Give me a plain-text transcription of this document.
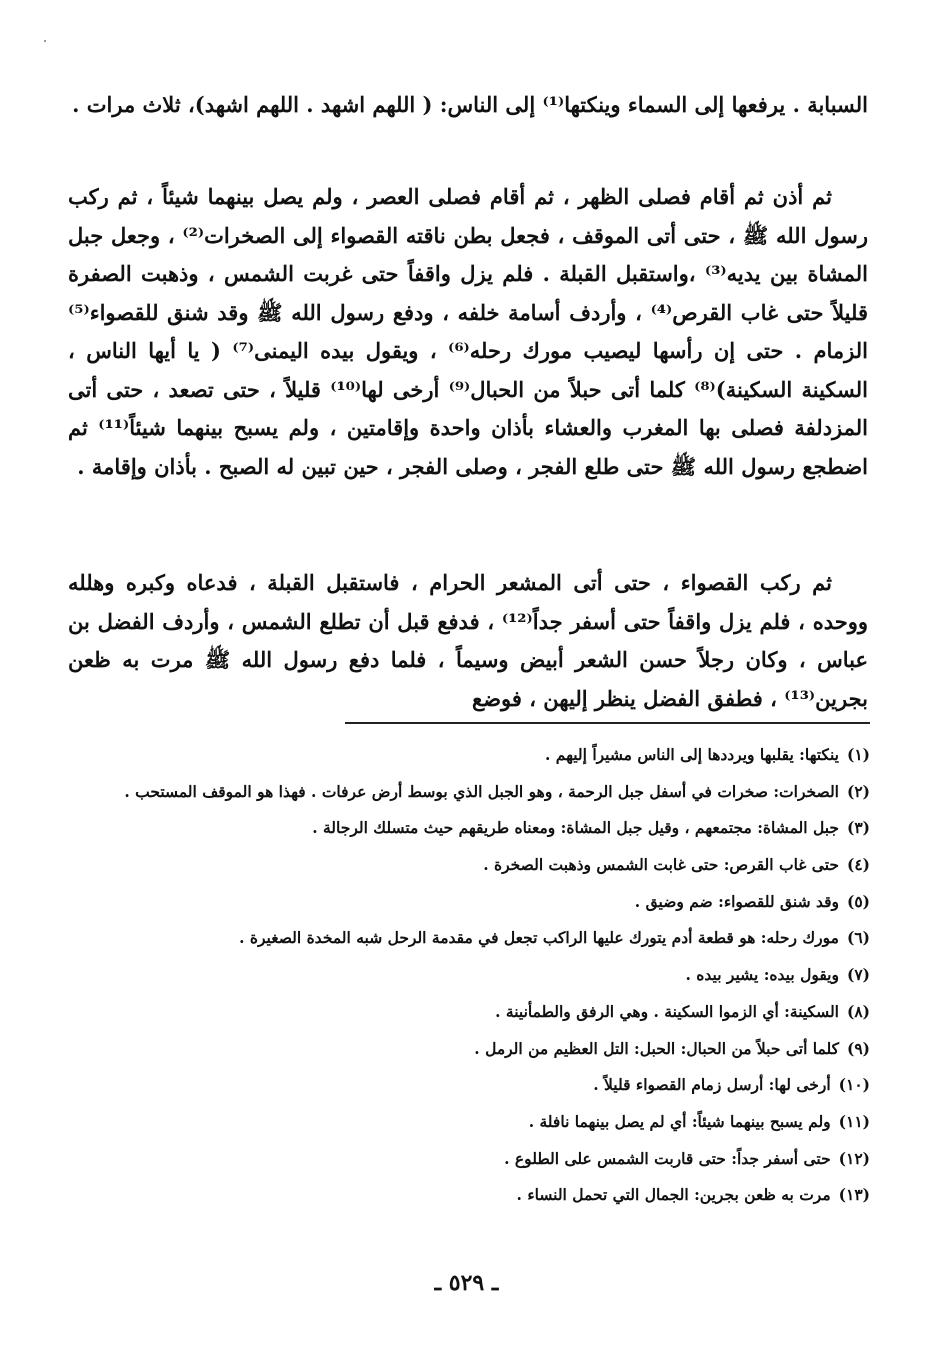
السبابة . يرفعها إلى السماء وينكتها⁽¹⁾ إلى الناس: ( اللهم اشهد . اللهم اشهد)، ثلاث مرات .

ثم أذن ثم أقام فصلى الظهر ، ثم أقام فصلى العصر ، ولم يصل بينهما شيئاً ، ثم ركب رسول الله ﷺ ، حتى أتى الموقف ، فجعل بطن ناقته القصواء إلى الصخرات⁽²⁾ ، وجعل جبل المشاة بين يديه⁽³⁾ ،واستقبل القبلة . فلم يزل واقفاً حتى غربت الشمس ، وذهبت الصفرة قليلاً حتى غاب القرص⁽⁴⁾ ، وأردف أسامة خلفه ، ودفع رسول الله ﷺ وقد شنق للقصواء⁽⁵⁾ الزمام . حتى إن رأسها ليصيب مورك رحله⁽⁶⁾ ، ويقول بيده اليمنى⁽⁷⁾ ( يا أيها الناس ، السكينة السكينة)⁽⁸⁾ كلما أتى حبلاً من الحبال⁽⁹⁾ أرخى لها⁽¹⁰⁾ قليلاً ، حتى تصعد ، حتى أتى المزدلفة فصلى بها المغرب والعشاء بأذان واحدة وإقامتين ، ولم يسبح بينهما شيئاً⁽¹¹⁾ ثم اضطجع رسول الله ﷺ حتى طلع الفجر ، وصلى الفجر ، حين تبين له الصبح . بأذان وإقامة .

ثم ركب القصواء ، حتى أتى المشعر الحرام ، فاستقبل القبلة ، فدعاه وكبره وهلله ووحده ، فلم يزل واقفاً حتى أسفر جداً⁽¹²⁾ ، فدفع قبل أن تطلع الشمس ، وأردف الفضل بن عباس ، وكان رجلاً حسن الشعر أبيض وسيماً ، فلما دفع رسول الله ﷺ مرت به ظعن بجرين⁽¹³⁾ ، فطفق الفضل ينظر إليهن ، فوضع

(١)
ينكتها: يقلبها ويرددها إلى الناس مشيراً إليهم .
(٢)
الصخرات: صخرات في أسفل جبل الرحمة ، وهو الجبل الذي بوسط أرض عرفات . فهذا هو الموقف المستحب .
(٣)
جبل المشاة: مجتمعهم ، وقيل جبل المشاة: ومعناه طريقهم حيث متسلك الرجالة .
(٤)
حتى غاب القرص: حتى غابت الشمس وذهبت الصخرة .
(٥)
وقد شنق للقصواء: ضم وضيق .
(٦)
مورك رحله: هو قطعة أدم يتورك عليها الراكب تجعل في مقدمة الرحل شبه المخدة الصغيرة .
(٧)
ويقول بيده: يشير بيده .
(٨)
السكينة: أي الزموا السكينة . وهي الرفق والطمأنينة .
(٩)
كلما أتى حبلاً من الحبال: الحبل: التل العظيم من الرمل .
(١٠)
أرخى لها: أرسل زمام القصواء قليلاً .
(١١)
ولم يسبح بينهما شيئاً: أي لم يصل بينهما نافلة .
(١٢)
حتى أسفر جداً: حتى قاربت الشمس على الطلوع .
(١٣)
مرت به ظعن بجرين: الجمال التي تحمل النساء .
ـ ٥٢٩ ـ
